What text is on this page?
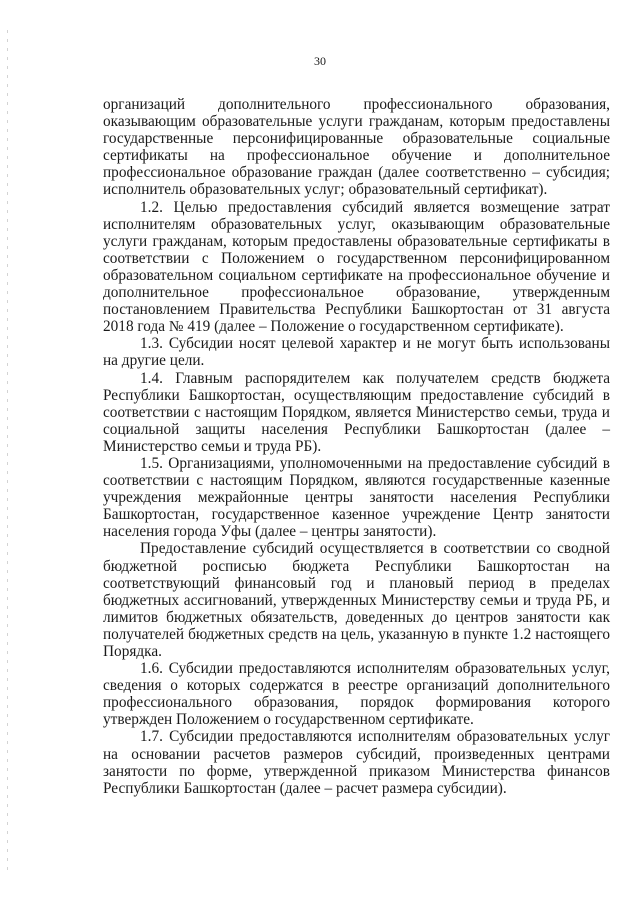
30

организаций дополнительного профессионального образования, оказывающим образовательные услуги гражданам, которым предоставлены государственные персонифицированные образовательные социальные сертификаты на профессиональное обучение и дополнительное профессиональное образование граждан (далее соответственно – субсидия; исполнитель образовательных услуг; образовательный сертификат).

1.2. Целью предоставления субсидий является возмещение затрат исполнителям образовательных услуг, оказывающим образовательные услуги гражданам, которым предоставлены образовательные сертификаты в соответствии с Положением о государственном персонифицированном образовательном социальном сертификате на профессиональное обучение и дополнительное профессиональное образование, утвержденным постановлением Правительства Республики Башкортостан от 31 августа 2018 года № 419 (далее – Положение о государственном сертификате).

1.3. Субсидии носят целевой характер и не могут быть использованы на другие цели.

1.4. Главным распорядителем как получателем средств бюджета Республики Башкортостан, осуществляющим предоставление субсидий в соответствии с настоящим Порядком, является Министерство семьи, труда и социальной защиты населения Республики Башкортостан (далее – Министерство семьи и труда РБ).

1.5. Организациями, уполномоченными на предоставление субсидий в соответствии с настоящим Порядком, являются государственные казенные учреждения межрайонные центры занятости населения Республики Башкортостан, государственное казенное учреждение Центр занятости населения города Уфы (далее – центры занятости).

Предоставление субсидий осуществляется в соответствии со сводной бюджетной росписью бюджета Республики Башкортостан на соответствующий финансовый год и плановый период в пределах бюджетных ассигнований, утвержденных Министерству семьи и труда РБ, и лимитов бюджетных обязательств, доведенных до центров занятости как получателей бюджетных средств на цель, указанную в пункте 1.2 настоящего Порядка.

1.6. Субсидии предоставляются исполнителям образовательных услуг, сведения о которых содержатся в реестре организаций дополнительного профессионального образования, порядок формирования которого утвержден Положением о государственном сертификате.

1.7. Субсидии предоставляются исполнителям образовательных услуг на основании расчетов размеров субсидий, произведенных центрами занятости по форме, утвержденной приказом Министерства финансов Республики Башкортостан (далее – расчет размера субсидии).
